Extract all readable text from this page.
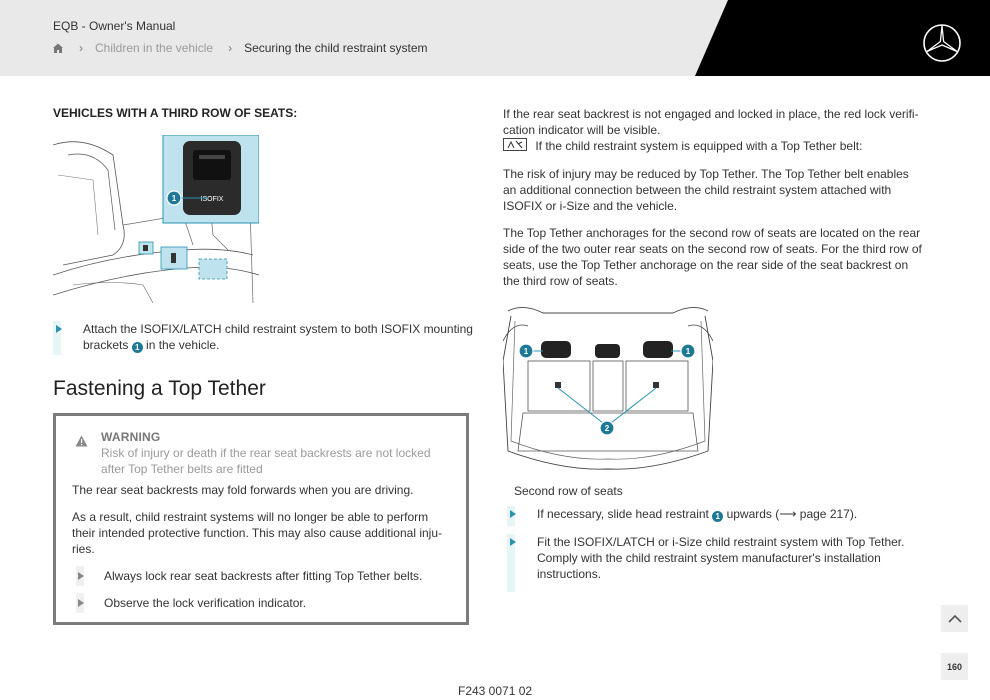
EQB - Owner's Manual
› Children in the vehicle › Securing the child restraint system
VEHICLES WITH A THIRD ROW OF SEATS:
ISOFIX
1
Attach the ISOFIX/LATCH child restraint system to both ISOFIX mounting brackets 1 in the vehicle.
Fastening a Top Tether
WARNING
Risk of injury or death if the rear seat backrests are not locked after Top Tether belts are fitted

The rear seat backrests may fold forwards when you are driving.

As a result, child restraint systems will no longer be able to perform their intended protective function. This may also cause additional inju-ries.

Always lock rear seat backrests after fitting Top Tether belts.
Observe the lock verification indicator.

If the rear seat backrest is not engaged and locked in place, the red lock verifi-cation indicator will be visible.

If the child restraint system is equipped with a Top Tether belt:

The risk of injury may be reduced by Top Tether. The Top Tether belt enables an additional connection between the child restraint system attached with ISOFIX or i-Size and the vehicle.

The Top Tether anchorages for the second row of seats are located on the rear side of the two outer rear seats on the second row of seats. For the third row of seats, use the Top Tether anchorage on the rear side of the seat backrest on the third row of seats.

1	1
2
Second row of seats
If necessary, slide head restraint 1 upwards (⟶ page 217).
Fit the ISOFIX/LATCH or i-Size child restraint system with Top Tether. Comply with the child restraint system manufacturer's installation instructions.
160
F243 0071 02
